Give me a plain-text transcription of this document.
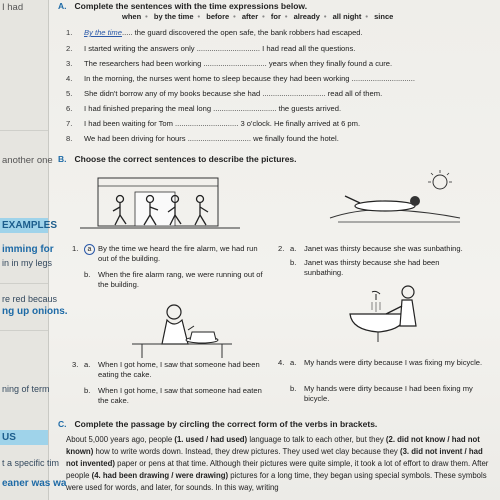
I had
another one
EXAMPLES
imming for
in in my legs
re red becaus
ng up onions.
ning of term
US
t a specific tim
eaner was wa
A. Complete the sentences with the time expressions below.
when • by the time • before • after • for • already • all night • since
1. By the time..... the guard discovered the open safe, the bank robbers had escaped.
2. I started writing the answers only .............................. I had read all the questions.
3. The researchers had been working .............................. years when they finally found a cure.
4. In the morning, the nurses went home to sleep because they had been working ..............................
5. She didn't borrow any of my books because she had .............................. read all of them.
6. I had finished preparing the meal long .............................. the guests arrived.
7. I had been waiting for Tom .............................. 3 o'clock. He finally arrived at 6 pm.
8. We had been driving for hours .............................. we finally found the hotel.
B. Choose the correct sentences to describe the pictures.
1.	a By the time we heard the fire alarm, we had run out of the building.
b. When the fire alarm rang, we were running out of the building.
2. a. Janet was thirsty because she was sunbathing.
b. Janet was thirsty because she had been sunbathing.
3. a. When I got home, I saw that someone had been eating the cake.
b. When I got home, I saw that someone had eaten the cake.
4. a. My hands were dirty because I was fixing my bicycle.
b. My hands were dirty because I had been fixing my bicycle.
C. Complete the passage by circling the correct form of the verbs in brackets.
About 5,000 years ago, people (1. used / had used) language to talk to each other, but they (2. did not know / had not known) how to write words down. Instead, they drew pictures. They used wet clay because they (3. did not invent / had not invented) paper or pens at that time. Although their pictures were quite simple, it took a lot of effort to draw them. After people (4. had been drawing / were drawing) pictures for a long time, they began using special symbols. These symbols were used for words, and later, for sounds. In this way, writing
